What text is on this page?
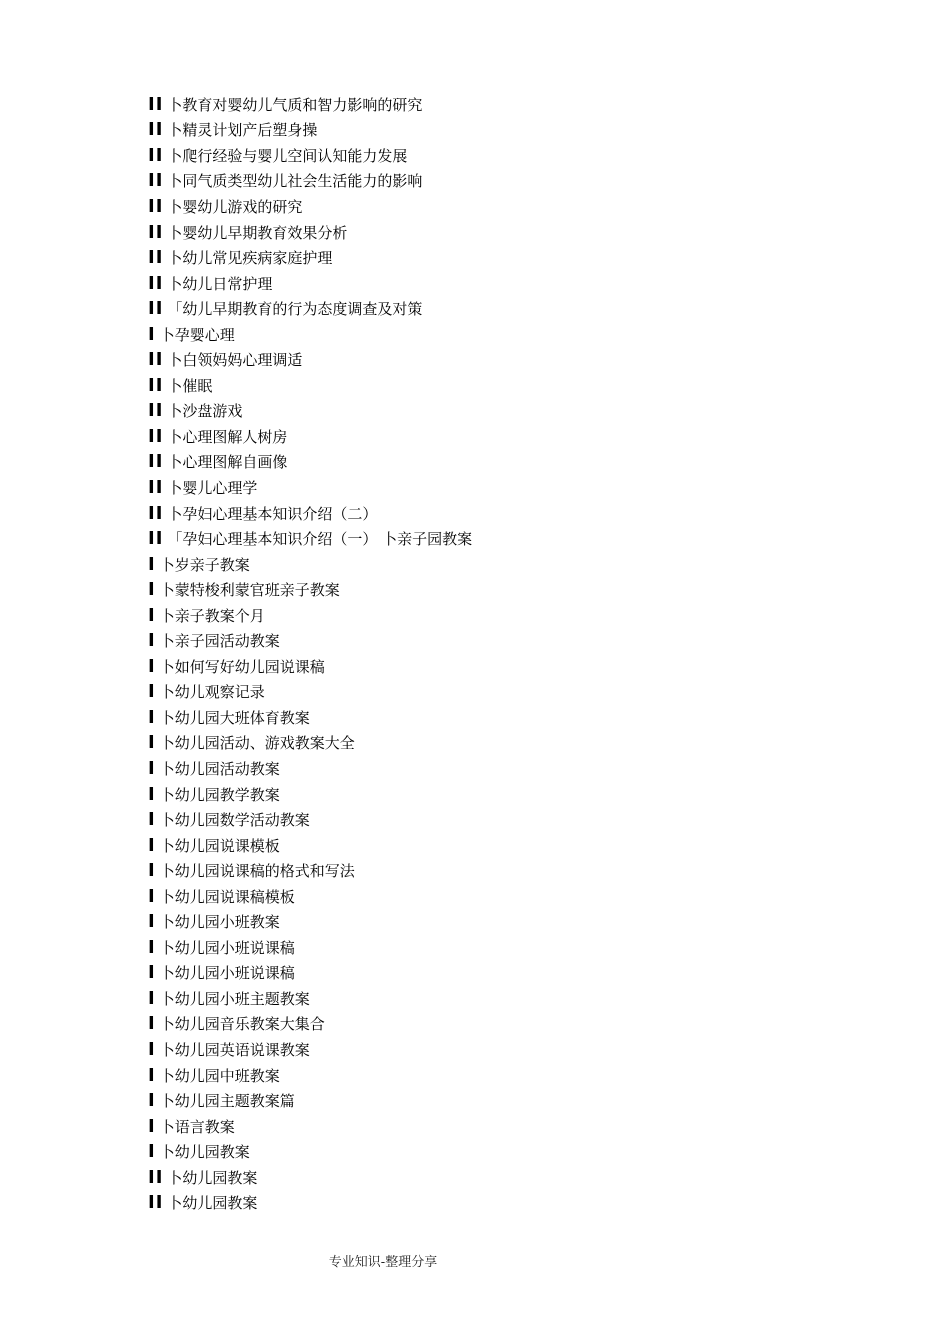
II 卜教育对婴幼儿气质和智力影响的研究
II 卜精灵计划产后塑身操
II 卜爬行经验与婴儿空间认知能力发展
II 卜同气质类型幼儿社会生活能力的影响
II 卜婴幼儿游戏的研究
II 卜婴幼儿早期教育效果分析
II 卜幼儿常见疾病家庭护理
II 卜幼儿日常护理
II 「幼儿早期教育的行为态度调查及对策
I 卜孕婴心理
II 卜白领妈妈心理调适
II 卜催眠
II 卜沙盘游戏
II 卜心理图解人树房
II 卜心理图解自画像
II 卜婴儿心理学
II 卜孕妇心理基本知识介绍（二）
II 「孕妇心理基本知识介绍（一） 卜亲子园教案
I 卜岁亲子教案
I 卜蒙特梭利蒙官班亲子教案
I 卜亲子教案个月
I 卜亲子园活动教案
I 卜如何写好幼儿园说课稿
I 卜幼儿观察记录
I 卜幼儿园大班体育教案
I 卜幼儿园活动、游戏教案大全
I 卜幼儿园活动教案
I 卜幼儿园教学教案
I 卜幼儿园数学活动教案
I 卜幼儿园说课模板
I 卜幼儿园说课稿的格式和写法
I 卜幼儿园说课稿模板
I 卜幼儿园小班教案
I 卜幼儿园小班说课稿
I 卜幼儿园小班说课稿
I 卜幼儿园小班主题教案
I 卜幼儿园音乐教案大集合
I 卜幼儿园英语说课教案
I 卜幼儿园中班教案
I 卜幼儿园主题教案篇
I 卜语言教案
I 卜幼儿园教案
II 卜幼儿园教案
II 卜幼儿园教案
专业知识-整理分享
